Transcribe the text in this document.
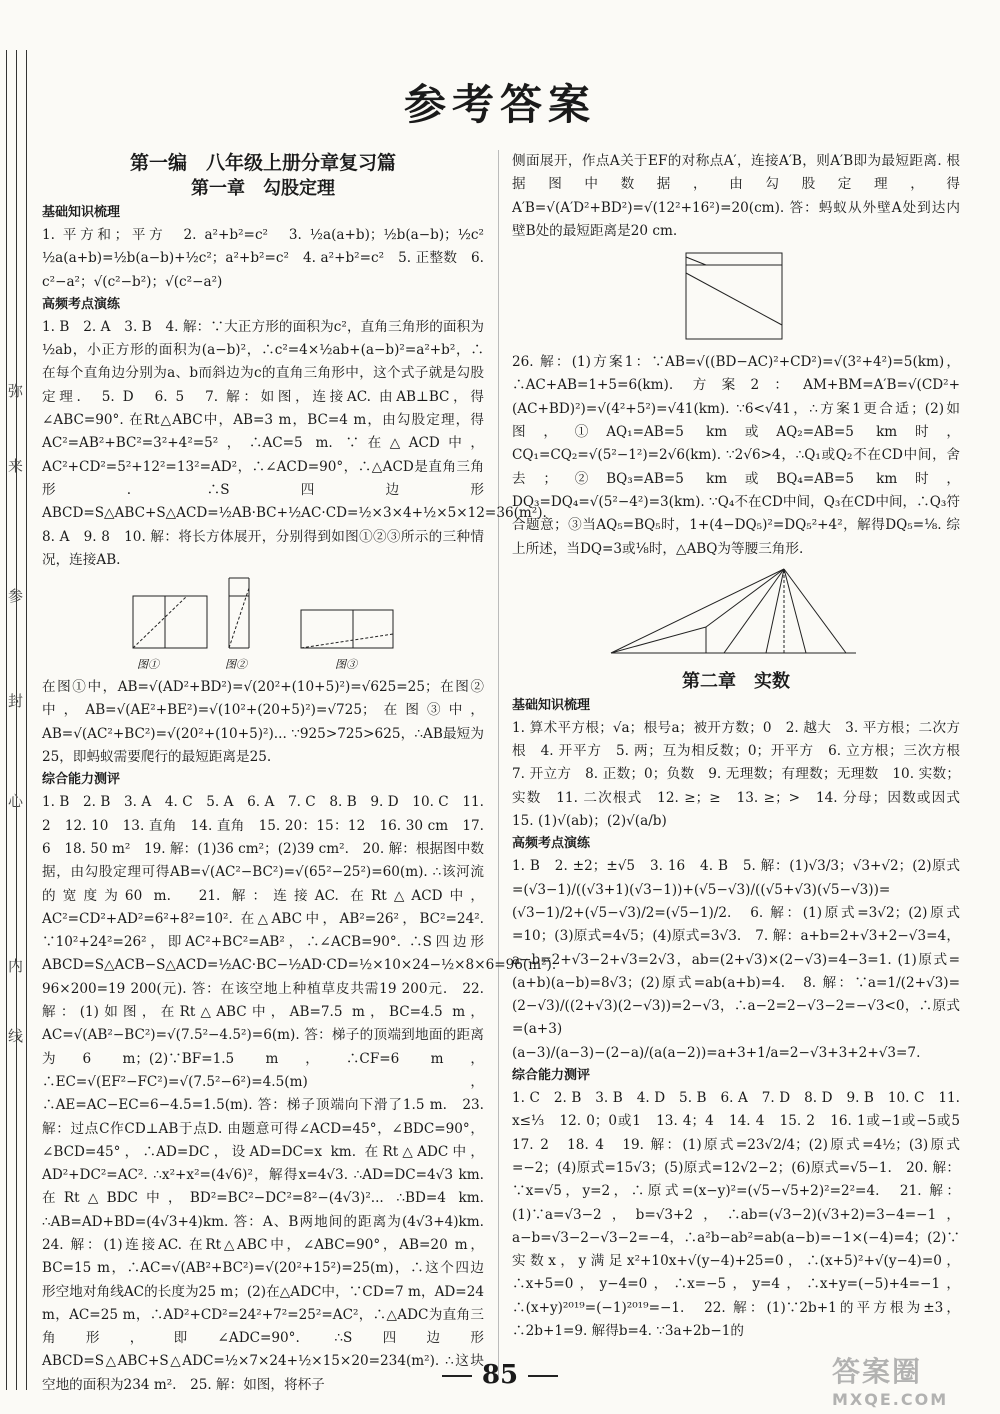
弥
来
参
封
心
内
线
参考答案
第一编　八年级上册分章复习篇
第一章　勾股定理
基础知识梳理

1. 平方和；平方　2. a²+b²=c²　3. ½a(a+b)；½b(a−b)；½c²　½a(a+b)=½b(a−b)+½c²；a²+b²=c²　4. a²+b²=c²　5. 正整数　6. c²−a²；√(c²−b²)；√(c²−a²)

高频考点演练

1. B　2. A　3. B　4. 解：∵大正方形的面积为c²，直角三角形的面积为½ab，小正方形的面积为(a−b)²，∴c²=4×½ab+(a−b)²=a²+b²，∴在每个直角边分别为a、b而斜边为c的直角三角形中，这个式子就是勾股定理.　5. D　6. 5　7. 解：如图，连接AC. 由AB⊥BC，得∠ABC=90°. 在Rt△ABC中，AB=3 m，BC=4 m，由勾股定理，得AC²=AB²+BC²=3²+4²=5²，∴AC=5 m. ∵在△ACD中，AC²+CD²=5²+12²=13²=AD²，∴∠ACD=90°，∴△ACD是直角三角形. ∴S四边形ABCD=S△ABC+S△ACD=½AB·BC+½AC·CD=½×3×4+½×5×12=36(m²).　8. A　9. 8　10. 解：将长方体展开，分别得到如图①②③所示的三种情况，连接AB.

图①	图②	图③

在图①中，AB=√(AD²+BD²)=√(20²+(10+5)²)=√625=25；在图②中，AB=√(AE²+BE²)=√(10²+(20+5)²)=√725；在图③中，AB=√(AC²+BC²)=√(20²+(10+5)²)... ∵925>725>625，∴AB最短为25，即蚂蚁需要爬行的最短距离是25.

综合能力测评

1. B　2. B　3. A　4. C　5. A　6. A　7. C　8. B　9. D　10. C　11. 2　12. 10　13. 直角　14. 直角　15. 20：15：12　16. 30 cm　17. 6　18. 50 m²　19. 解：(1)36 cm²；(2)39 cm².　20. 解：根据图中数据，由勾股定理可得AB=√(AC²−BC²)=√(65²−25²)=60(m). ∴该河流的宽度为60 m.　21. 解：连接AC. 在Rt△ACD中，AC²=CD²+AD²=6²+8²=10². 在△ABC中，AB²=26²，BC²=24². ∵10²+24²=26²，即AC²+BC²=AB²，∴∠ACB=90°. ∴S四边形ABCD=S△ACB−S△ACD=½AC·BC−½AD·CD=½×10×24−½×8×6=96(m²). 96×200=19 200(元). 答：在该空地上种植草皮共需19 200元.　22. 解：(1)如图，在Rt△ABC中，AB=7.5 m，BC=4.5 m，AC=√(AB²−BC²)=√(7.5²−4.5²)=6(m). 答：梯子的顶端到地面的距离为6 m；(2)∵BF=1.5 m，∴CF=6 m，∴EC=√(EF²−FC²)=√(7.5²−6²)=4.5(m)，∴AE=AC−EC=6−4.5=1.5(m). 答：梯子顶端向下滑了1.5 m.　23. 解：过点C作CD⊥AB于点D. 由题意可得∠ACD=45°，∠BDC=90°，∠BCD=45°，∴AD=DC，设AD=DC=x km. 在Rt△ADC中，AD²+DC²=AC². ∴x²+x²=(4√6)²，解得x=4√3. ∴AD=DC=4√3 km. 在Rt△BDC中，BD²=BC²−DC²=8²−(4√3)²... ∴BD=4 km. ∴AB=AD+BD=(4√3+4)km. 答：A、B两地间的距离为(4√3+4)km.　24. 解：(1)连接AC. 在Rt△ABC中，∠ABC=90°，AB=20 m，BC=15 m，∴AC=√(AB²+BC²)=√(20²+15²)=25(m)，∴这个四边形空地对角线AC的长度为25 m；(2)在△ADC中，∵CD=7 m，AD=24 m，AC=25 m，∴AD²+CD²=24²+7²=25²=AC²，∴△ADC为直角三角形，即∠ADC=90°. ∴S四边形ABCD=S△ABC+S△ADC=½×7×24+½×15×20=234(m²). ∴这块空地的面积为234 m².　25. 解：如图，将杯子

侧面展开，作点A关于EF的对称点A′，连接A′B，则A′B即为最短距离. 根据图中数据，由勾股定理，得A′B=√(A′D²+BD²)=√(12²+16²)=20(cm). 答：蚂蚁从外壁A处到达内壁B处的最短距离是20 cm.

26. 解：(1)方案1：∵AB=√((BD−AC)²+CD²)=√(3²+4²)=5(km)，∴AC+AB=1+5=6(km). 方案2：AM+BM=A′B=√(CD²+(AC+BD)²)=√(4²+5²)=√41(km). ∵6<√41，∴方案1更合适；(2)如图，①AQ₁=AB=5 km或AQ₂=AB=5 km时，CQ₁=CQ₂=√(5²−1²)=2√6(km). ∵2√6>4，∴Q₁或Q₂不在CD中间，舍去；②BQ₃=AB=5 km或BQ₄=AB=5 km时，DQ₃=DQ₄=√(5²−4²)=3(km). ∵Q₄不在CD中间，Q₃在CD中间，∴Q₃符合题意；③当AQ₅=BQ₅时，1+(4−DQ₅)²=DQ₅²+4²，解得DQ₅=⅛. 综上所述，当DQ=3或⅛时，△ABQ为等腰三角形.

第二章　实数
基础知识梳理

1. 算术平方根；√a；根号a；被开方数；0　2. 越大　3. 平方根；二次方根　4. 开平方　5. 两；互为相反数；0；开平方　6. 立方根；三次方根　7. 开立方　8. 正数；0；负数　9. 无理数；有理数；无理数　10. 实数；实数　11. 二次根式　12. ≥；≥　13. ≥；>　14. 分母；因数或因式　15. (1)√(ab)；(2)√(a/b)

高频考点演练

1. B　2. ±2；±√5　3. 16　4. B　5. 解：(1)√3/3；√3+√2；(2)原式=(√3−1)/((√3+1)(√3−1))+(√5−√3)/((√5+√3)(√5−√3))=(√3−1)/2+(√5−√3)/2=(√5−1)/2.　6. 解：(1)原式=3√2；(2)原式=10；(3)原式=4√5；(4)原式=3√3.　7. 解：a+b=2+√3+2−√3=4，a−b=2+√3−2+√3=2√3，ab=(2+√3)×(2−√3)=4−3=1. (1)原式=(a+b)(a−b)=8√3；(2)原式=ab(a+b)=4.　8. 解：∵a=1/(2+√3)=(2−√3)/((2+√3)(2−√3))=2−√3，∴a−2=2−√3−2=−√3<0，∴原式=(a+3)(a−3)/(a−3)−(2−a)/(a(a−2))=a+3+1/a=2−√3+3+2+√3=7.

综合能力测评

1. C　2. B　3. B　4. D　5. B　6. A　7. D　8. D　9. B　10. C　11. x≤⅓　12. 0；0或1　13. 4；4　14. 4　15. 2　16. 1或−1或−5或5　17. 2　18. 4　19. 解：(1)原式=23√2/4；(2)原式=4½；(3)原式=−2；(4)原式=15√3；(5)原式=12√2−2；(6)原式=√5−1.　20. 解：∵x=√5，y=2，∴原式=(x−y)²=(√5−√5+2)²=2²=4.　21. 解：(1)∵a=√3−2，b=√3+2，∴ab=(√3−2)(√3+2)=3−4=−1，a−b=√3−2−√3−2=−4，∴a²b−ab²=ab(a−b)=−1×(−4)=4；(2)∵实数x，y满足x²+10x+√(y−4)+25=0，∴(x+5)²+√(y−4)=0，∴x+5=0，y−4=0，∴x=−5，y=4，∴x+y=(−5)+4=−1，∴(x+y)²⁰¹⁹=(−1)²⁰¹⁹=−1.　22. 解：(1)∵2b+1的平方根为±3，∴2b+1=9. 解得b=4. ∵3a+2b−1的

85	答案圈
MXQE.COM
